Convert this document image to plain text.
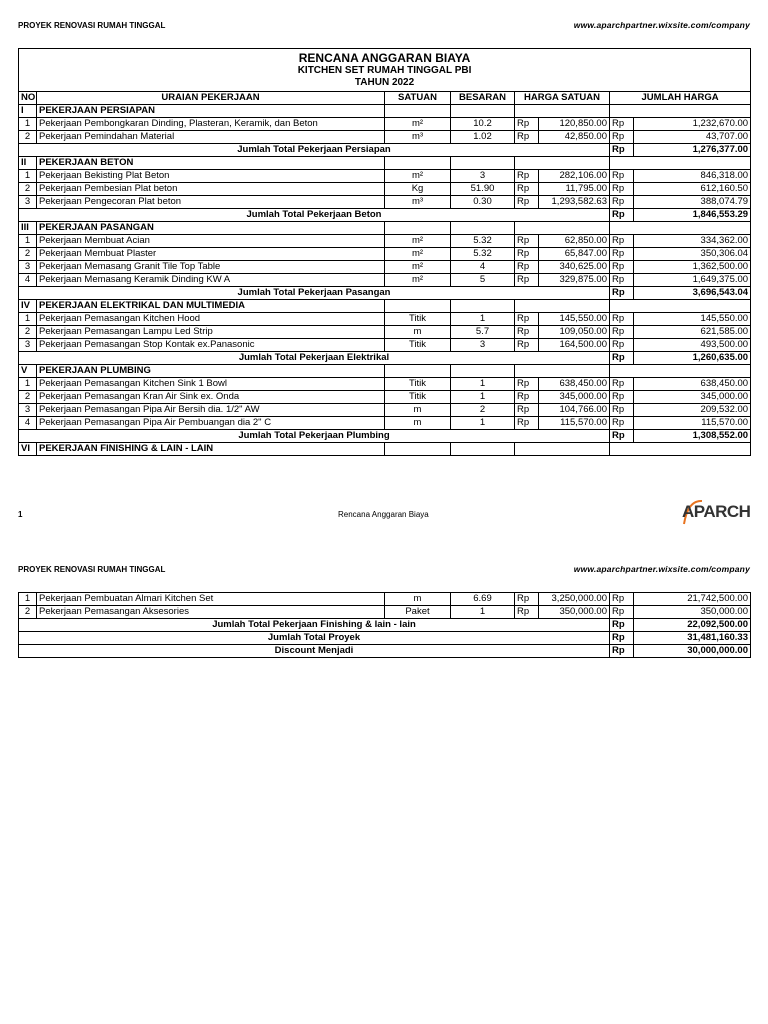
PROYEK RENOVASI RUMAH TINGGAL	www.aparchpartner.wixsite.com/company
RENCANA ANGGARAN BIAYA
KITCHEN SET RUMAH TINGGAL PBI
TAHUN 2022							

NO	URAIAN PEKERJAAN	SATUAN	BESARAN	HARGA SATUAN		JUMLAH HARGA	
I	PEKERJAAN PERSIAPAN						
1	Pekerjaan Pembongkaran Dinding, Plasteran, Keramik, dan Beton	m²	10.2	Rp	120,850.00	Rp	1,232,670.00
2	Pekerjaan Pemindahan Material	m³	1.02	Rp	42,850.00	Rp	43,707.00
Jumlah Total Pekerjaan Persiapan						Rp	1,276,377.00
II	PEKERJAAN BETON						
1	Pekerjaan Bekisting Plat Beton	m²	3	Rp	282,106.00	Rp	846,318.00
2	Pekerjaan Pembesian Plat beton	Kg	51.90	Rp	11,795.00	Rp	612,160.50
3	Pekerjaan Pengecoran Plat beton	m³	0.30	Rp	1,293,582.63	Rp	388,074.79
Jumlah Total Pekerjaan Beton						Rp	1,846,553.29
III	PEKERJAAN PASANGAN						
1	Pekerjaan Membuat Acian	m²	5.32	Rp	62,850.00	Rp	334,362.00
2	Pekerjaan Membuat Plaster	m²	5.32	Rp	65,847.00	Rp	350,306.04
3	Pekerjaan Memasang Granit Tile Top Table	m²	4	Rp	340,625.00	Rp	1,362,500.00
4	Pekerjaan Memasang Keramik Dinding KW A	m²	5	Rp	329,875.00	Rp	1,649,375.00
Jumlah Total Pekerjaan Pasangan						Rp	3,696,543.04
IV	PEKERJAAN ELEKTRIKAL DAN MULTIMEDIA						
1	Pekerjaan Pemasangan Kitchen Hood	Titik	1	Rp	145,550.00	Rp	145,550.00
2	Pekerjaan Pemasangan Lampu Led Strip	m	5.7	Rp	109,050.00	Rp	621,585.00
3	Pekerjaan Pemasangan Stop Kontak ex.Panasonic	Titik	3	Rp	164,500.00	Rp	493,500.00
Jumlah Total Pekerjaan Elektrikal						Rp	1,260,635.00
V	PEKERJAAN PLUMBING						
1	Pekerjaan Pemasangan Kitchen Sink 1 Bowl	Titik	1	Rp	638,450.00	Rp	638,450.00
2	Pekerjaan Pemasangan Kran Air Sink ex. Onda	Titik	1	Rp	345,000.00	Rp	345,000.00
3	Pekerjaan Pemasangan Pipa Air Bersih dia. 1/2" AW	m	2	Rp	104,766.00	Rp	209,532.00
4	Pekerjaan Pemasangan Pipa Air Pembuangan dia 2" C	m	1	Rp	115,570.00	Rp	115,570.00
Jumlah Total Pekerjaan Plumbing						Rp	1,308,552.00
VI	PEKERJAAN FINISHING & LAIN - LAIN						
1	Rencana Anggaran Biaya	APARCH
PROYEK RENOVASI RUMAH TINGGAL	www.aparchpartner.wixsite.com/company
1	Pekerjaan Pembuatan Almari Kitchen Set	m	6.69	Rp	3,250,000.00	Rp	21,742,500.00
2	Pekerjaan Pemasangan Aksesories	Paket	1	Rp	350,000.00	Rp	350,000.00
Jumlah Total Pekerjaan Finishing & lain - lain						Rp	22,092,500.00
Jumlah Total Proyek						Rp	31,481,160.33
Discount Menjadi						Rp	30,000,000.00
